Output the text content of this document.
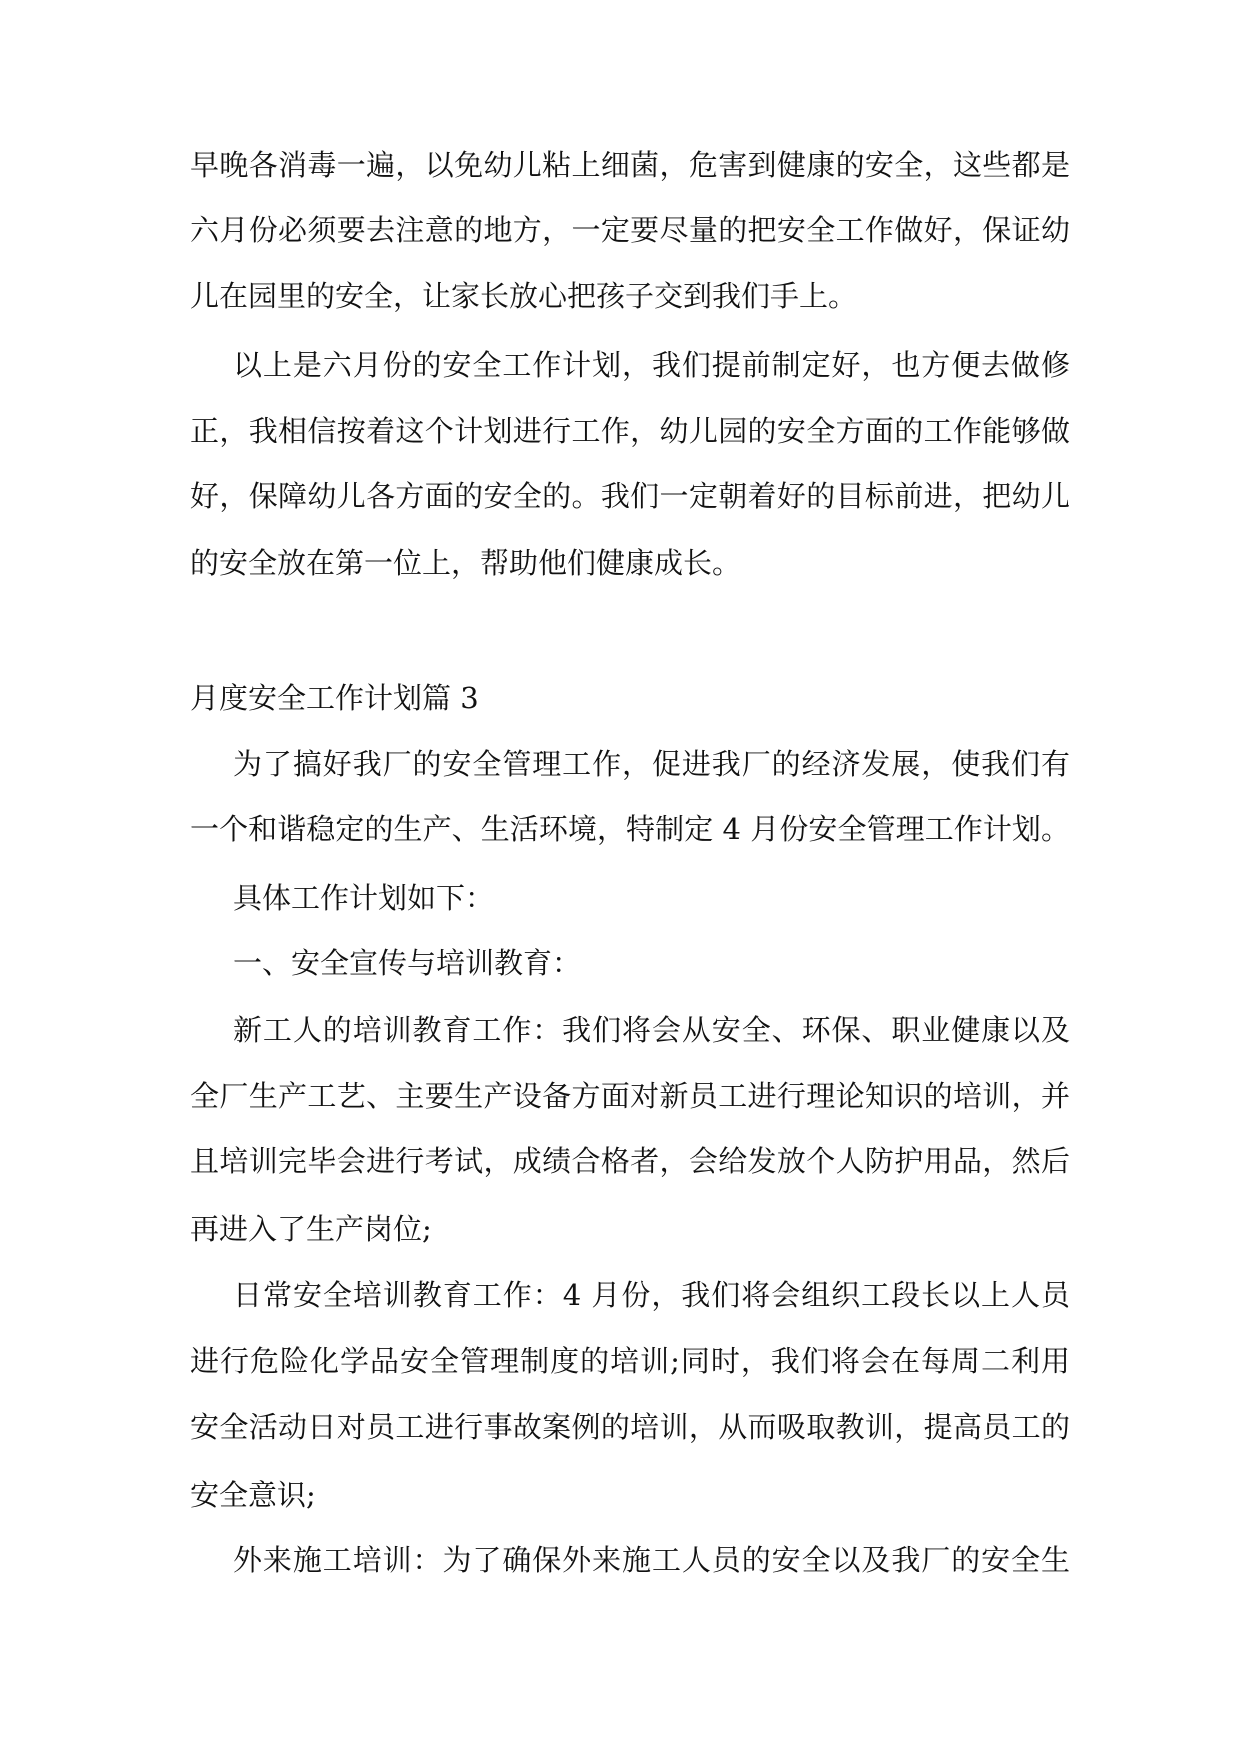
早晚各消毒一遍，以免幼儿粘上细菌，危害到健康的安全，这些都是
六月份必须要去注意的地方，一定要尽量的把安全工作做好，保证幼
儿在园里的安全，让家长放心把孩子交到我们手上。
以上是六月份的安全工作计划，我们提前制定好，也方便去做修
正，我相信按着这个计划进行工作，幼儿园的安全方面的工作能够做
好，保障幼儿各方面的安全的。我们一定朝着好的目标前进，把幼儿
的安全放在第一位上，帮助他们健康成长。
月度安全工作计划篇 3
为了搞好我厂的安全管理工作，促进我厂的经济发展，使我们有
一个和谐稳定的生产、生活环境，特制定 4 月份安全管理工作计划。
具体工作计划如下：
一、安全宣传与培训教育：
新工人的培训教育工作：我们将会从安全、环保、职业健康以及
全厂生产工艺、主要生产设备方面对新员工进行理论知识的培训，并
且培训完毕会进行考试，成绩合格者，会给发放个人防护用品，然后
再进入了生产岗位;
日常安全培训教育工作：4 月份，我们将会组织工段长以上人员
进行危险化学品安全管理制度的培训;同时，我们将会在每周二利用
安全活动日对员工进行事故案例的培训，从而吸取教训，提高员工的
安全意识;
外来施工培训：为了确保外来施工人员的安全以及我厂的安全生
